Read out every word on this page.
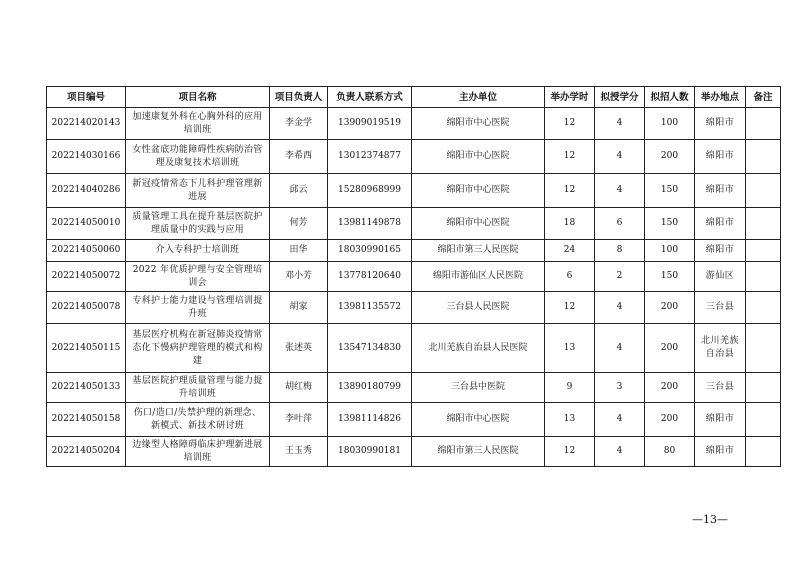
项目编号	项目名称	项目负责人	负责人联系方式	主办单位	举办学时	拟授学分	拟招人数	举办地点	备注
202214020143	加速康复外科在心胸外科的应用培训班	李金学	13909019519	绵阳市中心医院	12	4	100	绵阳市	
202214030166	女性盆底功能障碍性疾病防治管理及康复技术培训班	李希西	13012374877	绵阳市中心医院	12	4	200	绵阳市	
202214040286	新冠疫情常态下儿科护理管理新进展	邱云	15280968999	绵阳市中心医院	12	4	150	绵阳市	
202214050010	质量管理工具在提升基层医院护理质量中的实践与应用	何芳	13981149878	绵阳市中心医院	18	6	150	绵阳市	
202214050060	介入专科护士培训班	田华	18030990165	绵阳市第三人民医院	24	8	100	绵阳市	
202214050072	2022 年优质护理与安全管理培训会	邓小芳	13778120640	绵阳市游仙区人民医院	6	2	150	游仙区	
202214050078	专科护士能力建设与管理培训提升班	胡家	13981135572	三台县人民医院	12	4	200	三台县	
202214050115	基层医疗机构在新冠肺炎疫情常态化下慢病护理管理的模式和构建	张述英	13547134830	北川羌族自治县人民医院	13	4	200	北川羌族自治县	
202214050133	基层医院护理质量管理与能力提升培训班	胡红梅	13890180799	三台县中医院	9	3	200	三台县	
202214050158	伤口/造口/失禁护理的新理念、新模式、新技术研讨班	李叶萍	13981114826	绵阳市中心医院	13	4	200	绵阳市	
202214050204	边缘型人格障碍临床护理新进展培训班	王玉秀	18030990181	绵阳市第三人民医院	12	4	80	绵阳市	
—13—
